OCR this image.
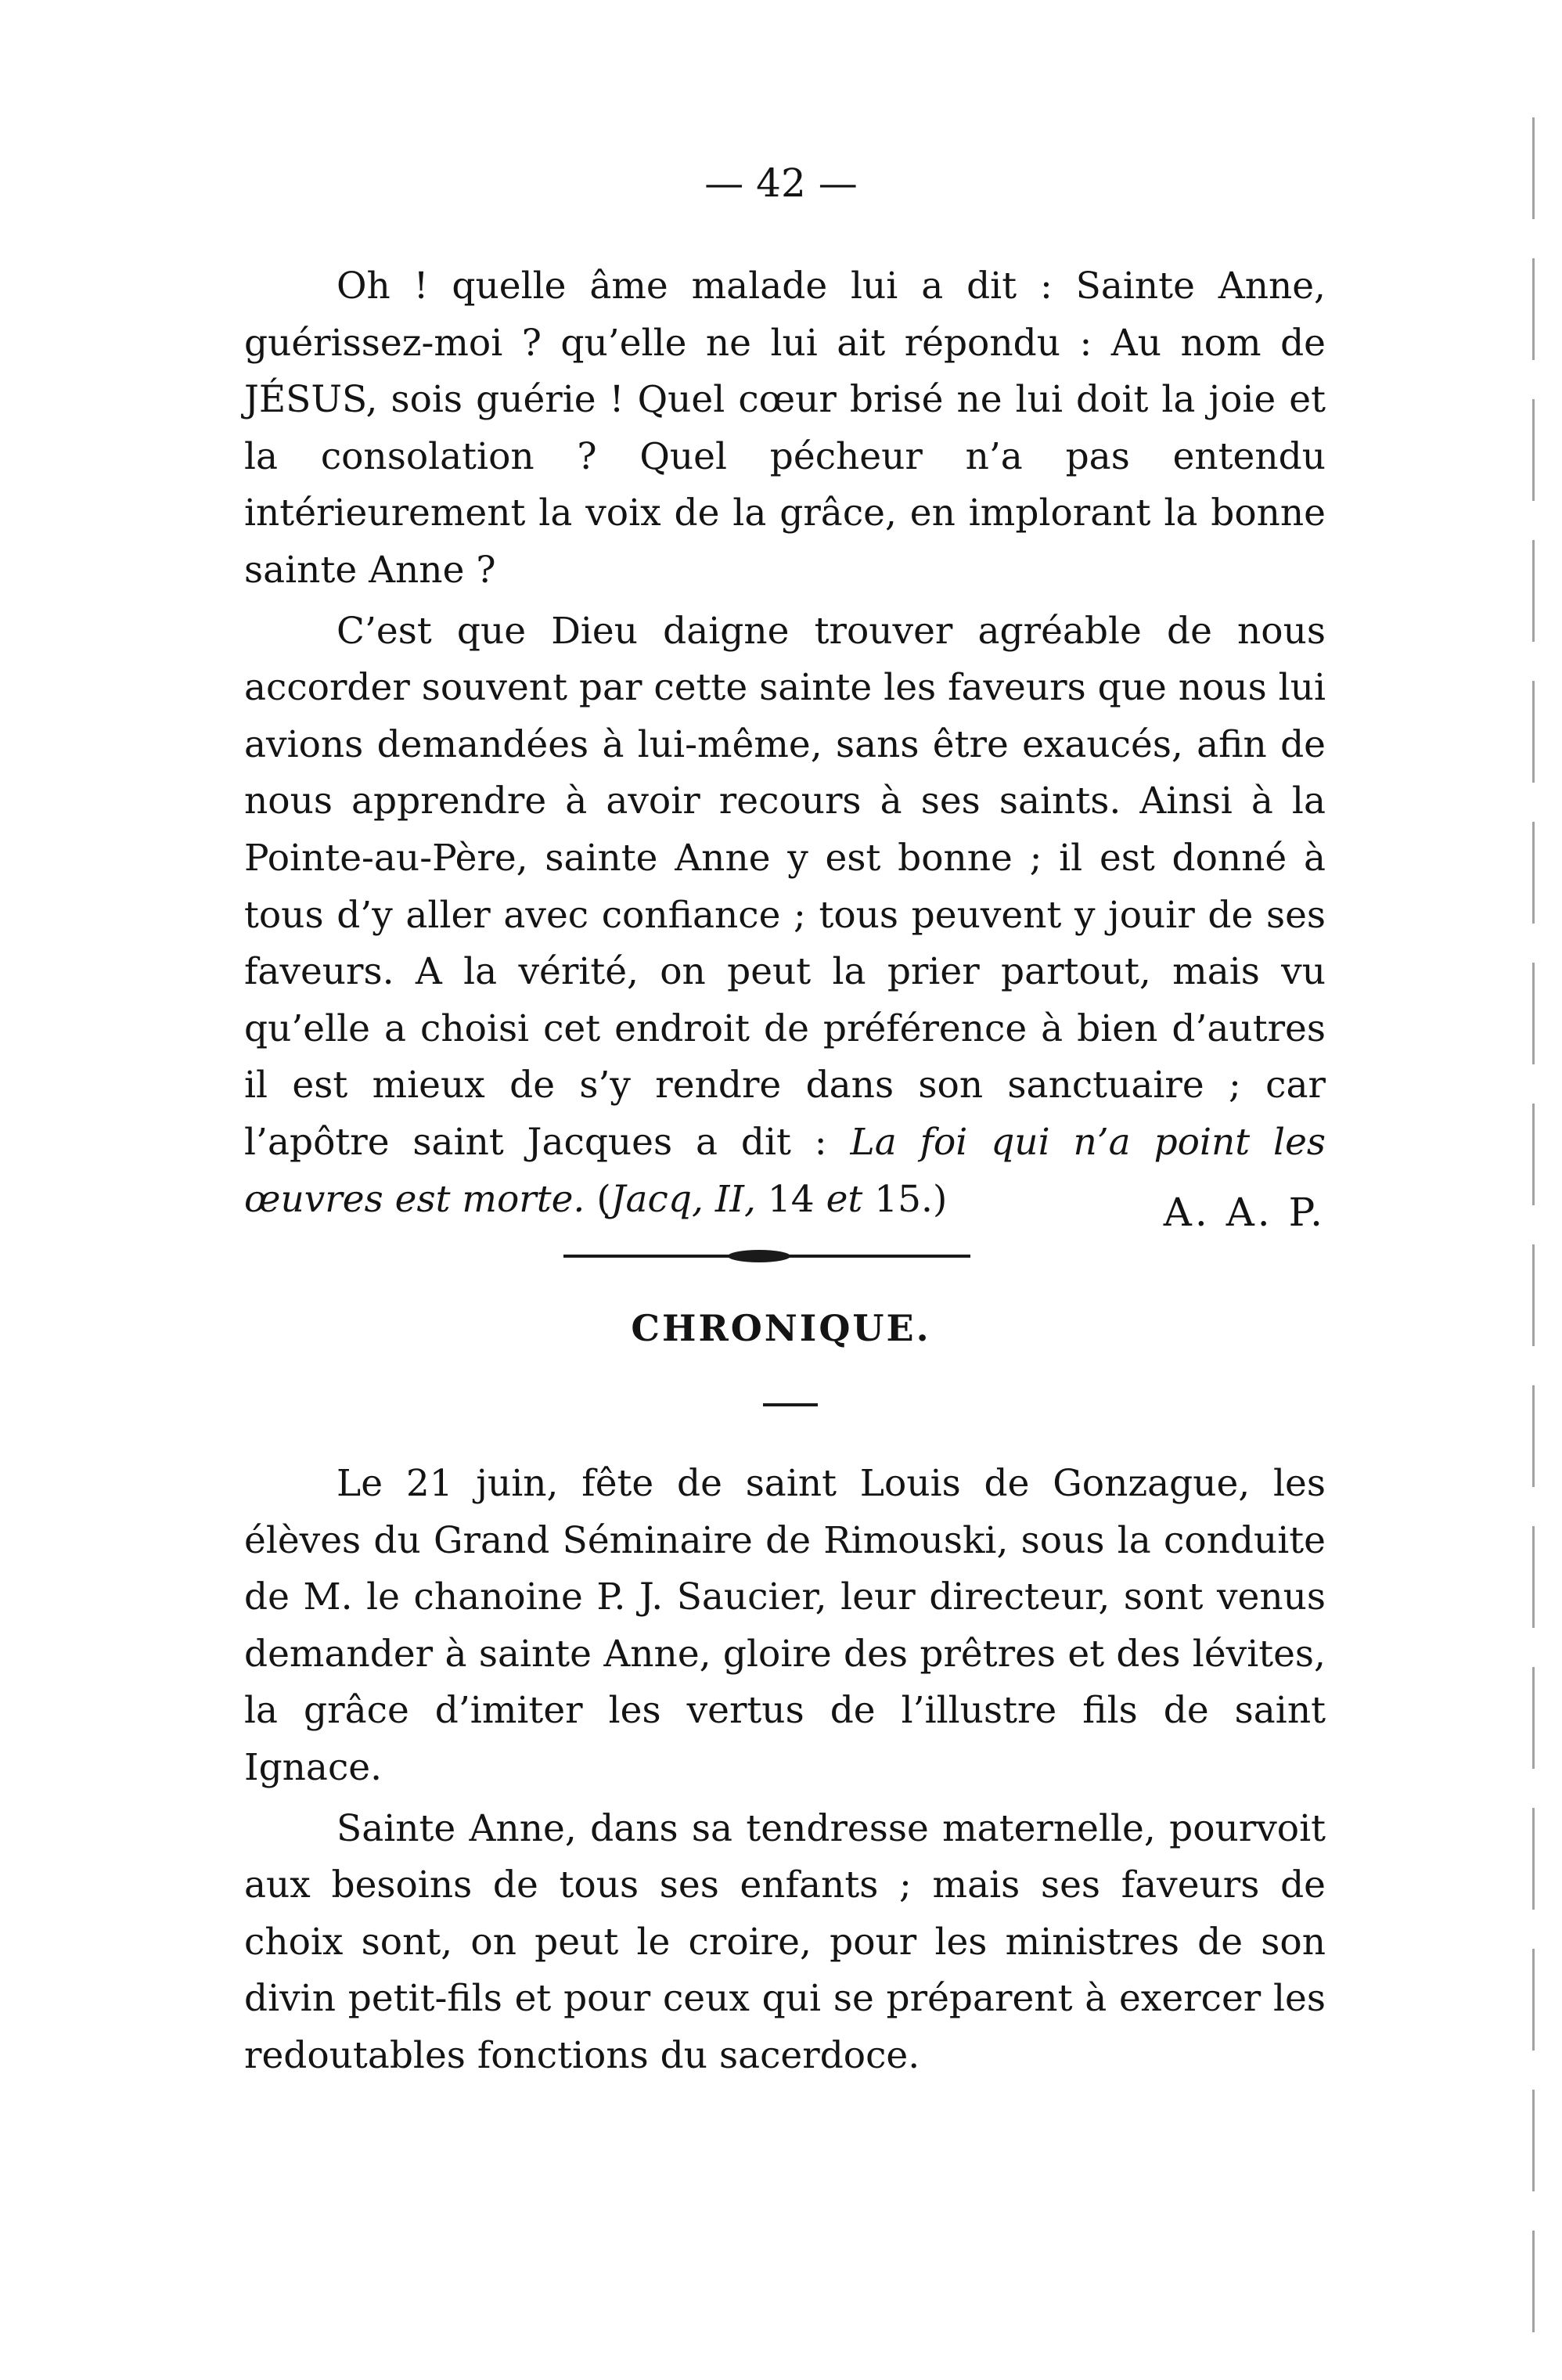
— 42 —

Oh ! quelle âme malade lui a dit : Sainte Anne, guérissez-moi ? qu’elle ne lui ait répondu : Au nom de JÉSUS, sois guérie ! Quel cœur brisé ne lui doit la joie et la consolation ? Quel pécheur n’a pas entendu intérieurement la voix de la grâce, en implorant la bonne sainte Anne ?

C’est que Dieu daigne trouver agréable de nous accorder souvent par cette sainte les faveurs que nous lui avions demandées à lui-même, sans être exaucés, afin de nous apprendre à avoir recours à ses saints. Ainsi à la Pointe-au-Père, sainte Anne y est bonne ; il est donné à tous d’y aller avec confiance ; tous peuvent y jouir de ses faveurs. A la vérité, on peut la prier partout, mais vu qu’elle a choisi cet endroit de préférence à bien d’autres il est mieux de s’y rendre dans son sanctuaire ; car l’apôtre saint Jacques a dit : La foi qui n’a point les œuvres est morte. (Jacq, II, 14 et 15.)	A. A. P.
CHRONIQUE.

Le 21 juin, fête de saint Louis de Gonzague, les élèves du Grand Séminaire de Rimouski, sous la conduite de M. le chanoine P. J. Saucier, leur directeur, sont venus demander à sainte Anne, gloire des prêtres et des lévites, la grâce d’imiter les vertus de l’illustre fils de saint Ignace.

Sainte Anne, dans sa tendresse maternelle, pourvoit aux besoins de tous ses enfants ; mais ses faveurs de choix sont, on peut le croire, pour les ministres de son divin petit-fils et pour ceux qui se préparent à exercer les redoutables fonctions du sacerdoce.
